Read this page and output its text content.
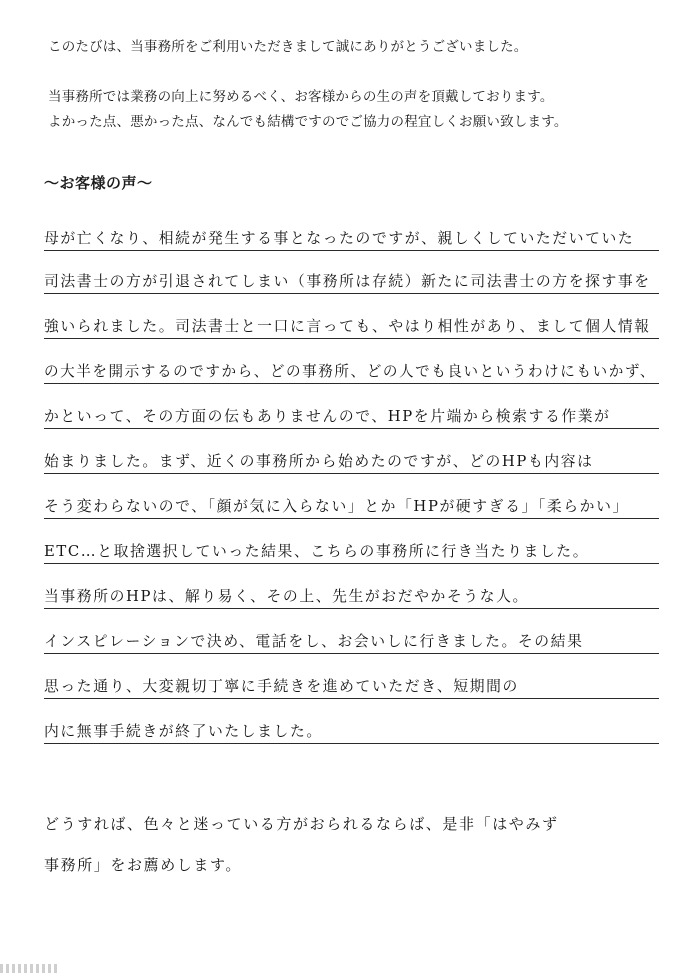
このたびは、当事務所をご利用いただきまして誠にありがとうございました。
当事務所では業務の向上に努めるべく、お客様からの生の声を頂戴しております。
よかった点、悪かった点、なんでも結構ですのでご協力の程宜しくお願い致します。
～お客様の声～
母が亡くなり、相続が発生する事となったのですが、親しくしていただいていた
司法書士の方が引退されてしまい（事務所は存続）新たに司法書士の方を探す事を
強いられました。司法書士と一口に言っても、やはり相性があり、まして個人情報
の大半を開示するのですから、どの事務所、どの人でも良いというわけにもいかず、
かといって、その方面の伝もありませんので、HPを片端から検索する作業が
始まりました。まず、近くの事務所から始めたのですが、どのHPも内容は
そう変わらないので、「顔が気に入らない」とか「HPが硬すぎる」「柔らかい」
ETC…と取捨選択していった結果、こちらの事務所に行き当たりました。
当事務所のHPは、解り易く、その上、先生がおだやかそうな人。
インスピレーションで決め、電話をし、お会いしに行きました。その結果
思った通り、大変親切丁寧に手続きを進めていただき、短期間の
内に無事手続きが終了いたしました。
どうすれば、色々と迷っている方がおられるならば、是非「はやみず
事務所」をお薦めします。
